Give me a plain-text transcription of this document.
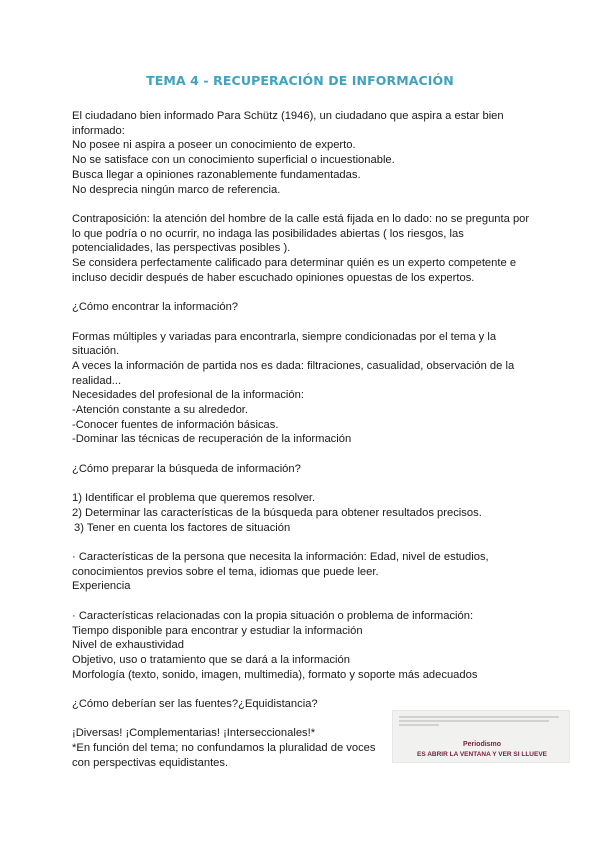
TEMA 4 - RECUPERACIÓN DE INFORMACIÓN

El ciudadano bien informado Para Schütz (1946), un ciudadano que aspira a estar bien

informado:

No posee ni aspira a poseer un conocimiento de experto.

No se satisface con un conocimiento superficial o incuestionable.

Busca llegar a opiniones razonablemente fundamentadas.

No desprecia ningún marco de referencia.

Contraposición: la atención del hombre de la calle está fijada en lo dado: no se pregunta por

lo que podría o no ocurrir, no indaga las posibilidades abiertas ( los riesgos, las

potencialidades, las perspectivas posibles ).

Se considera perfectamente calificado para determinar quién es un experto competente e

incluso decidir después de haber escuchado opiniones opuestas de los expertos.

¿Cómo encontrar la información?

Formas múltiples y variadas para encontrarla, siempre condicionadas por el tema y la

situación.

A veces la información de partida nos es dada: filtraciones, casualidad, observación de la

realidad...

Necesidades del profesional de la información:

-Atención constante a su alrededor.

-Conocer fuentes de información básicas.

-Dominar las técnicas de recuperación de la información

¿Cómo preparar la búsqueda de información?

1) Identificar el problema que queremos resolver.

2) Determinar las características de la búsqueda para obtener resultados precisos.

3) Tener en cuenta los factores de situación

· Características de la persona que necesita la información: Edad, nivel de estudios,

conocimientos previos sobre el tema, idiomas que puede leer.

Experiencia

· Características relacionadas con la propia situación o problema de información:

Tiempo disponible para encontrar y estudiar la información

Nivel de exhaustividad

Objetivo, uso o tratamiento que se dará a la información

Morfología (texto, sonido, imagen, multimedia), formato y soporte más adecuados

¿Cómo deberían ser las fuentes?¿Equidistancia?

¡Diversas! ¡Complementarias! ¡Interseccionales!*

*En función del tema; no confundamos la pluralidad de voces

con perspectivas equidistantes.

Periodismo
ES ABRIR LA VENTANA Y VER SI LLUEVE
